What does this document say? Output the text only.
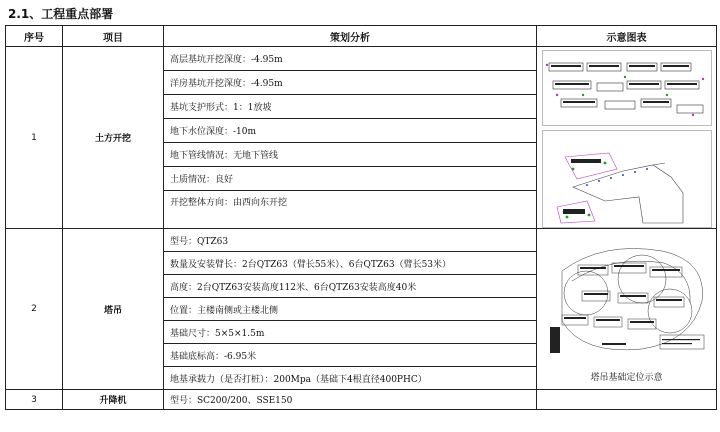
2.1、工程重点部署
序号	项目	策划分析	示意图表
1	土方开挖	高层基坑开挖深度：-4.95m	

		洋房基坑开挖深度：-4.95m	
		基坑支护形式：1：1放坡	
		地下水位深度：-10m	
		地下管线情况：无地下管线	
		土质情况：良好	
		开挖整体方向：由西向东开挖	
2	塔吊	型号：QTZ63	塔吊基础定位示意

		数量及安装臂长：2台QTZ63（臂长55米）、6台QTZ63（臂长53米）	
		高度：2台QTZ63安装高度112米、6台QTZ63安装高度40米	
		位置：主楼南侧或主楼北侧	
		基础尺寸：5×5×1.5m	
		基础底标高：-6.95米	
		地基承载力（是否打桩）：200Mpa（基础下4根直径400PHC）	
3	升降机	型号：SC200/200、SSE150	
